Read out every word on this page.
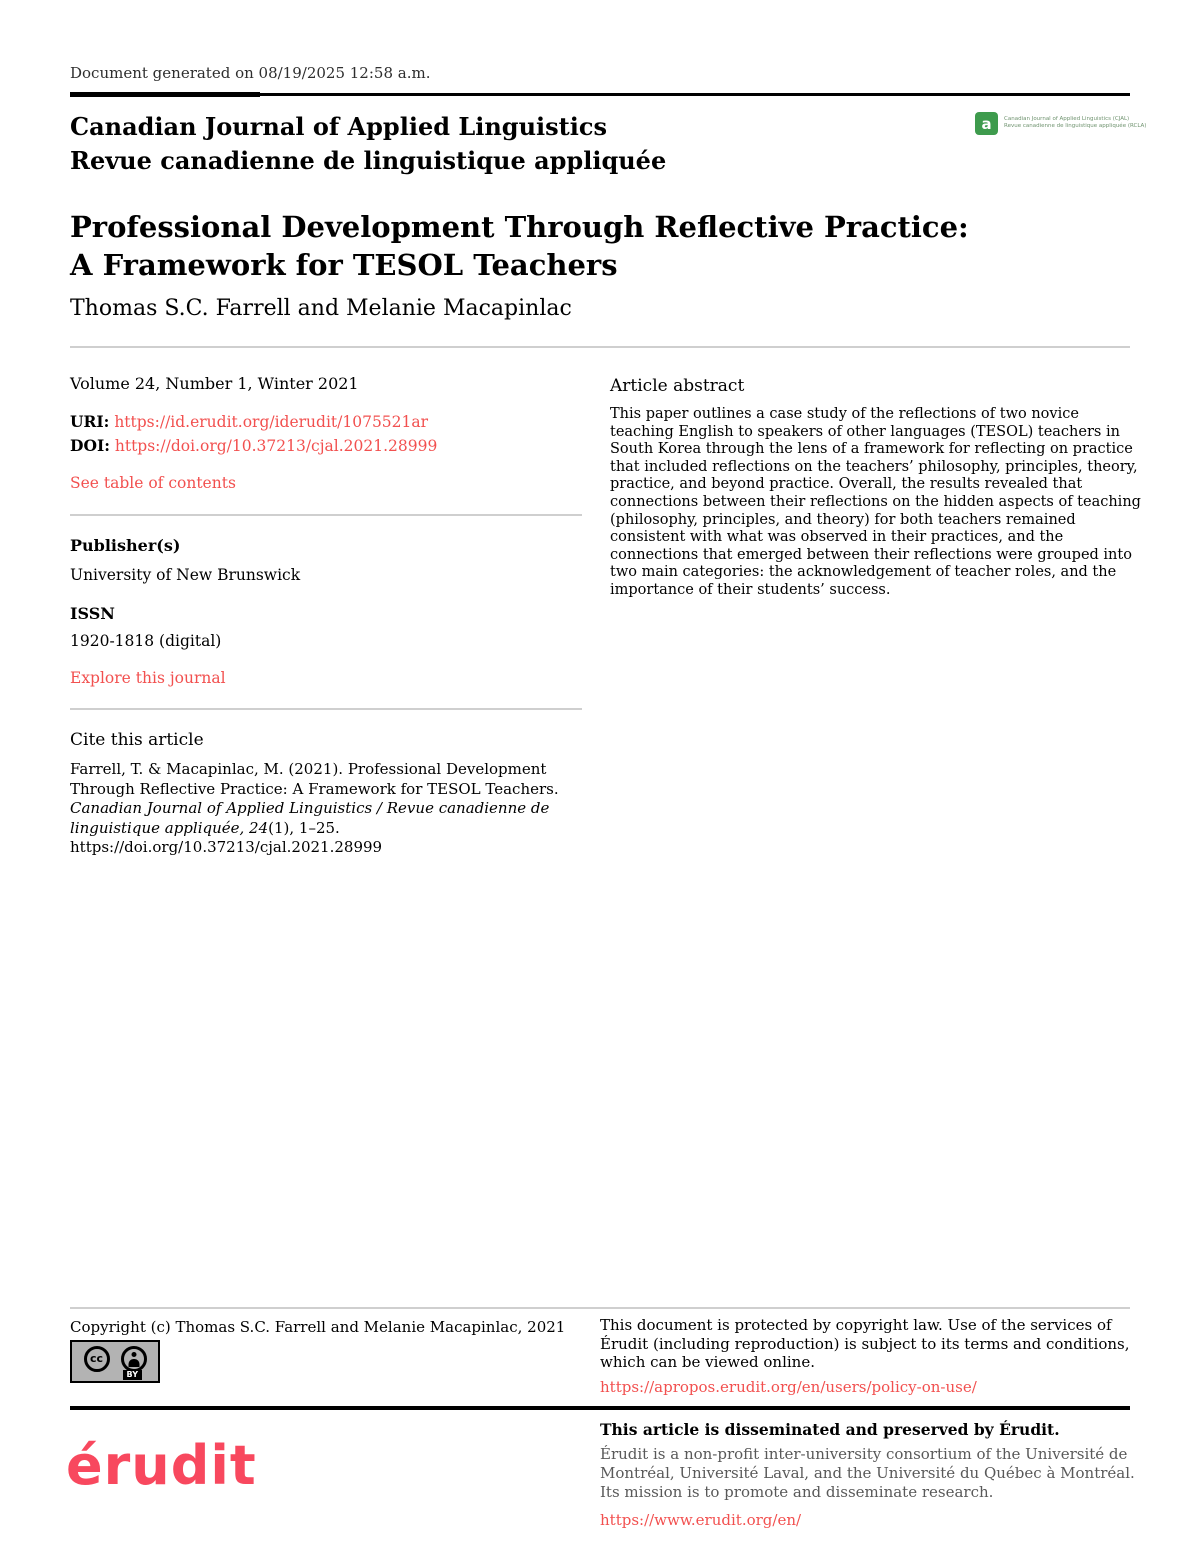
Document generated on 08/19/2025 12:58 a.m.
Canadian Journal of Applied Linguistics
Revue canadienne de linguistique appliquée
a	Canadian Journal of Applied Linguistics (CJAL)
Revue canadienne de linguistique appliquée (RCLA)
Professional Development Through Reflective Practice: A Framework for TESOL Teachers
Thomas S.C. Farrell and Melanie Macapinlac
Volume 24, Number 1, Winter 2021
URI: https://id.erudit.org/iderudit/1075521ar
DOI: https://doi.org/10.37213/cjal.2021.28999
See table of contents
Publisher(s)
University of New Brunswick
ISSN
1920-1818 (digital)
Explore this journal
Cite this article

Farrell, T. & Macapinlac, M. (2021). Professional Development Through Reflective Practice: A Framework for TESOL Teachers. Canadian Journal of Applied Linguistics / Revue canadienne de linguistique appliquée, 24(1), 1–25. https://doi.org/10.37213/cjal.2021.28999

Article abstract

This paper outlines a case study of the reflections of two novice teaching English to speakers of other languages (TESOL) teachers in South Korea through the lens of a framework for reflecting on practice that included reflections on the teachers’ philosophy, principles, theory, practice, and beyond practice. Overall, the results revealed that connections between their reflections on the hidden aspects of teaching (philosophy, principles, and theory) for both teachers remained consistent with what was observed in their practices, and the connections that emerged between their reflections were grouped into two main categories: the acknowledgement of teacher roles, and the importance of their students’ success.

Copyright (c) Thomas S.C. Farrell and Melanie Macapinlac, 2021
cc
BY

This document is protected by copyright law. Use of the services of Érudit (including reproduction) is subject to its terms and conditions, which can be viewed online.

https://apropos.erudit.org/en/users/policy-on-use/
érudit
This article is disseminated and preserved by Érudit.

Érudit is a non-profit inter-university consortium of the Université de Montréal, Université Laval, and the Université du Québec à Montréal. Its mission is to promote and disseminate research.

https://www.erudit.org/en/
